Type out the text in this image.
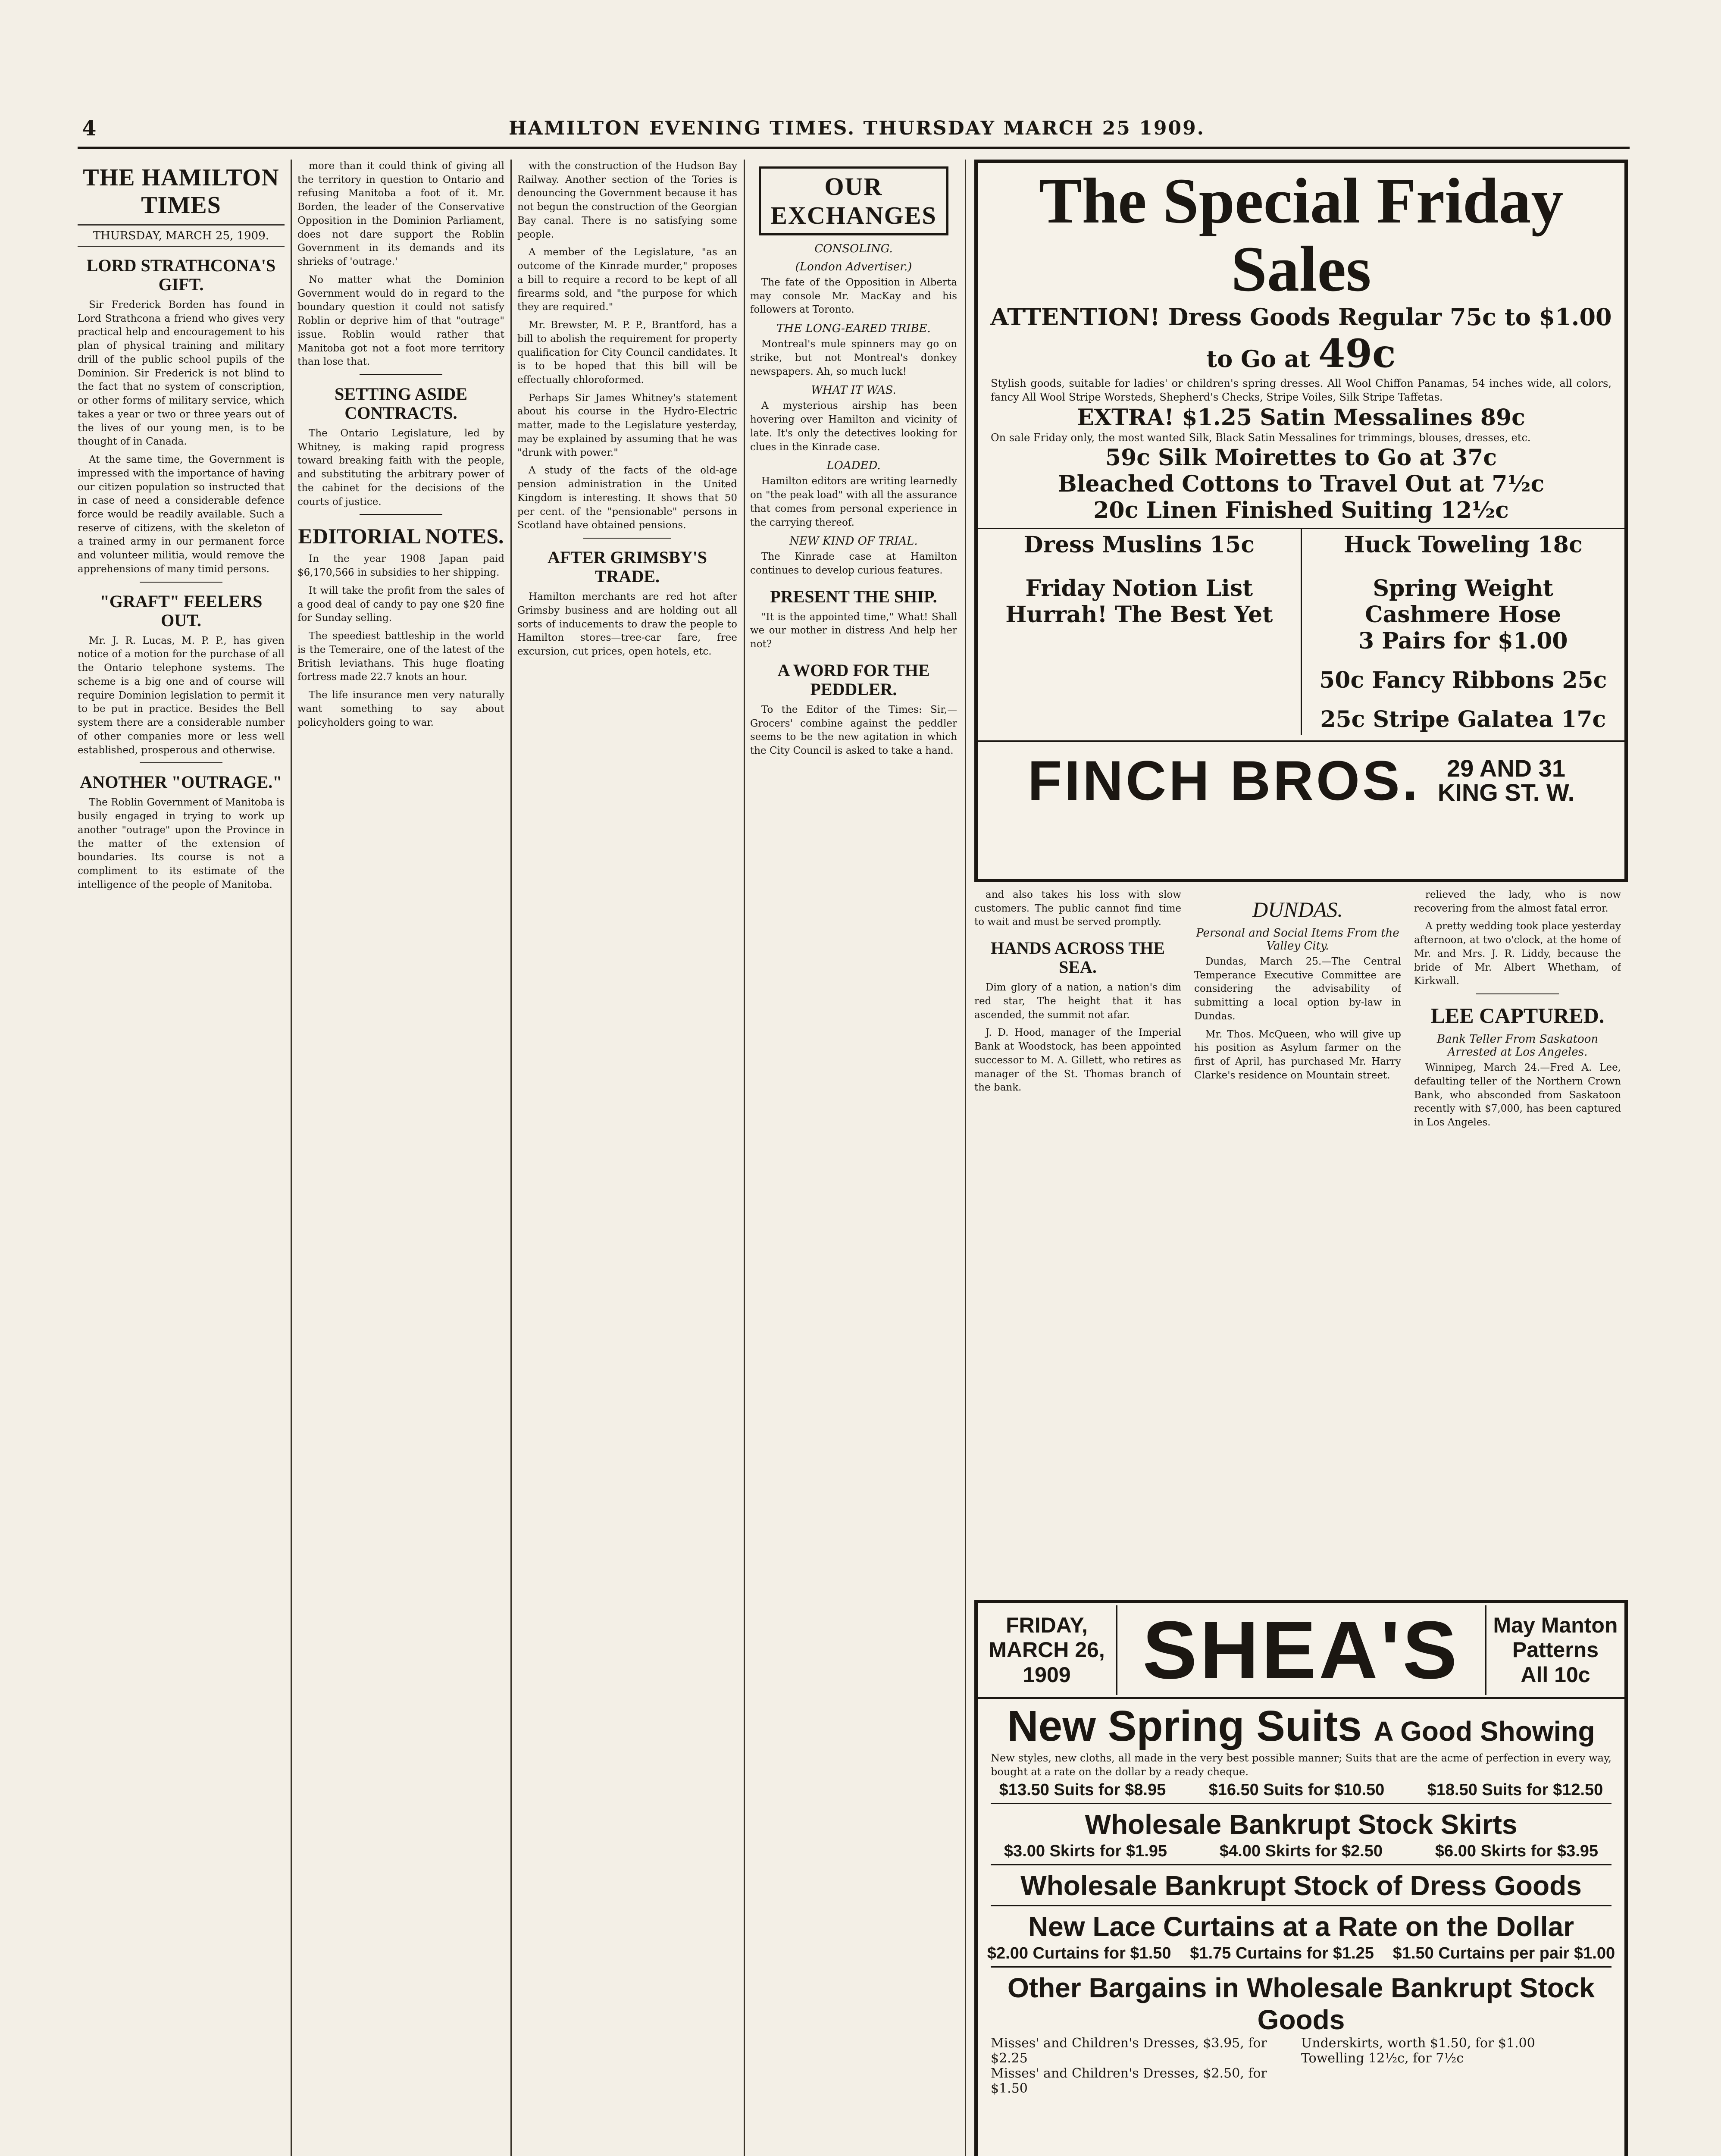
4	HAMILTON EVENING TIMES. THURSDAY MARCH 25 1909.
THE HAMILTON TIMES
THURSDAY, MARCH 25, 1909.
LORD STRATHCONA'S GIFT.

Sir Frederick Borden has found in Lord Strathcona a friend who gives very practical help and encouragement to his plan of physical training and military drill of the public school pupils of the Dominion. Sir Frederick is not blind to the fact that no system of conscription, or other forms of military service, which takes a year or two or three years out of the lives of our young men, is to be thought of in Canada.

At the same time, the Government is impressed with the importance of having our citizen population so instructed that in case of need a considerable defence force would be readily available. Such a reserve of citizens, with the skeleton of a trained army in our permanent force and volunteer militia, would remove the apprehensions of many timid persons.

"GRAFT" FEELERS OUT.

Mr. J. R. Lucas, M. P. P., has given notice of a motion for the purchase of all the Ontario telephone systems. The scheme is a big one and of course will require Dominion legislation to permit it to be put in practice. Besides the Bell system there are a considerable number of other companies more or less well established, prosperous and otherwise.

ANOTHER "OUTRAGE."

The Roblin Government of Manitoba is busily engaged in trying to work up another "outrage" upon the Province in the matter of the extension of boundaries. Its course is not a compliment to its estimate of the intelligence of the people of Manitoba.

more than it could think of giving all the territory in question to Ontario and refusing Manitoba a foot of it. Mr. Borden, the leader of the Conservative Opposition in the Dominion Parliament, does not dare support the Roblin Government in its demands and its shrieks of 'outrage.'

No matter what the Dominion Government would do in regard to the boundary question it could not satisfy Roblin or deprive him of that "outrage" issue. Roblin would rather that Manitoba got not a foot more territory than lose that.

SETTING ASIDE CONTRACTS.

The Ontario Legislature, led by Whitney, is making rapid progress toward breaking faith with the people, and substituting the arbitrary power of the cabinet for the decisions of the courts of justice.

EDITORIAL NOTES.

In the year 1908 Japan paid $6,170,566 in subsidies to her shipping.

It will take the profit from the sales of a good deal of candy to pay one $20 fine for Sunday selling.

The speediest battleship in the world is the Temeraire, one of the latest of the British leviathans. This huge floating fortress made 22.7 knots an hour.

The life insurance men very naturally want something to say about policyholders going to war.

with the construction of the Hudson Bay Railway. Another section of the Tories is denouncing the Government because it has not begun the construction of the Georgian Bay canal. There is no satisfying some people.

A member of the Legislature, "as an outcome of the Kinrade murder," proposes a bill to require a record to be kept of all firearms sold, and "the purpose for which they are required."

Mr. Brewster, M. P. P., Brantford, has a bill to abolish the requirement for property qualification for City Council candidates. It is to be hoped that this bill will be effectually chloroformed.

Perhaps Sir James Whitney's statement about his course in the Hydro-Electric matter, made to the Legislature yesterday, may be explained by assuming that he was "drunk with power."

A study of the facts of the old-age pension administration in the United Kingdom is interesting. It shows that 50 per cent. of the "pensionable" persons in Scotland have obtained pensions.

AFTER GRIMSBY'S TRADE.

Hamilton merchants are red hot after Grimsby business and are holding out all sorts of inducements to draw the people to Hamilton stores—tree-car fare, free excursion, cut prices, open hotels, etc.

OUR EXCHANGES
CONSOLING.
(London Advertiser.)

The fate of the Opposition in Alberta may console Mr. MacKay and his followers at Toronto.

THE LONG-EARED TRIBE.

Montreal's mule spinners may go on strike, but not Montreal's donkey newspapers. Ah, so much luck!

WHAT IT WAS.

A mysterious airship has been hovering over Hamilton and vicinity of late. It's only the detectives looking for clues in the Kinrade case.

LOADED.

Hamilton editors are writing learnedly on "the peak load" with all the assurance that comes from personal experience in the carrying thereof.

NEW KIND OF TRIAL.

The Kinrade case at Hamilton continues to develop curious features.

PRESENT THE SHIP.

"It is the appointed time," What! Shall we our mother in distress And help her not?

A WORD FOR THE PEDDLER.

To the Editor of the Times: Sir,—Grocers' combine against the peddler seems to be the new agitation in which the City Council is asked to take a hand.

The Special Friday Sales
ATTENTION! Dress Goods Regular 75c to $1.00 to Go at 49c
Stylish goods, suitable for ladies' or children's spring dresses. All Wool Chiffon Panamas, 54 inches wide, all colors, fancy All Wool Stripe Worsteds, Shepherd's Checks, Stripe Voiles, Silk Stripe Taffetas.
EXTRA! $1.25 Satin Messalines 89c
On sale Friday only, the most wanted Silk, Black Satin Messalines for trimmings, blouses, dresses, etc.
59c Silk Moirettes to Go at 37c
Bleached Cottons to Travel Out at 7½c
20c Linen Finished Suiting 12½c
Dress Muslins 15c
Friday Notion List
Hurrah! The Best Yet
Huck Toweling 18c
Spring Weight Cashmere Hose
3 Pairs for $1.00
50c Fancy Ribbons 25c
25c Stripe Galatea 17c
FINCH BROS.	29 AND 31
KING ST. W.

and also takes his loss with slow customers. The public cannot find time to wait and must be served promptly.

HANDS ACROSS THE SEA.

Dim glory of a nation, a nation's dim red star, The height that it has ascended, the summit not afar.

J. D. Hood, manager of the Imperial Bank at Woodstock, has been appointed successor to M. A. Gillett, who retires as manager of the St. Thomas branch of the bank.

DUNDAS.
Personal and Social Items From the Valley City.

Dundas, March 25.—The Central Temperance Executive Committee are considering the advisability of submitting a local option by-law in Dundas.

Mr. Thos. McQueen, who will give up his position as Asylum farmer on the first of April, has purchased Mr. Harry Clarke's residence on Mountain street.

relieved the lady, who is now recovering from the almost fatal error.

A pretty wedding took place yesterday afternoon, at two o'clock, at the home of Mr. and Mrs. J. R. Liddy, because the bride of Mr. Albert Whetham, of Kirkwall.

LEE CAPTURED.
Bank Teller From Saskatoon Arrested at Los Angeles.

Winnipeg, March 24.—Fred A. Lee, defaulting teller of the Northern Crown Bank, who absconded from Saskatoon recently with $7,000, has been captured in Los Angeles.

FRIDAY,
MARCH 26, 1909 SHEA'S	May Manton Patterns
All 10c
New Spring Suits A Good Showing
New styles, new cloths, all made in the very best possible manner; Suits that are the acme of perfection in every way, bought at a rate on the dollar by a ready cheque.
$13.50 Suits for $8.95	$16.50 Suits for $10.50	$18.50 Suits for $12.50
Wholesale Bankrupt Stock Skirts
$3.00 Skirts for $1.95	$4.00 Skirts for $2.50	$6.00 Skirts for $3.95
Wholesale Bankrupt Stock of Dress Goods
New Lace Curtains at a Rate on the Dollar
$2.00 Curtains for $1.50 $1.75 Curtains for $1.25 $1.50 Curtains per pair $1.00
Other Bargains in Wholesale Bankrupt Stock Goods
Misses' and Children's Dresses, $3.95, for $2.25
Misses' and Children's Dresses, $2.50, for $1.50
Underskirts, worth $1.50, for $1.00
Towelling 12½c, for 7½c
